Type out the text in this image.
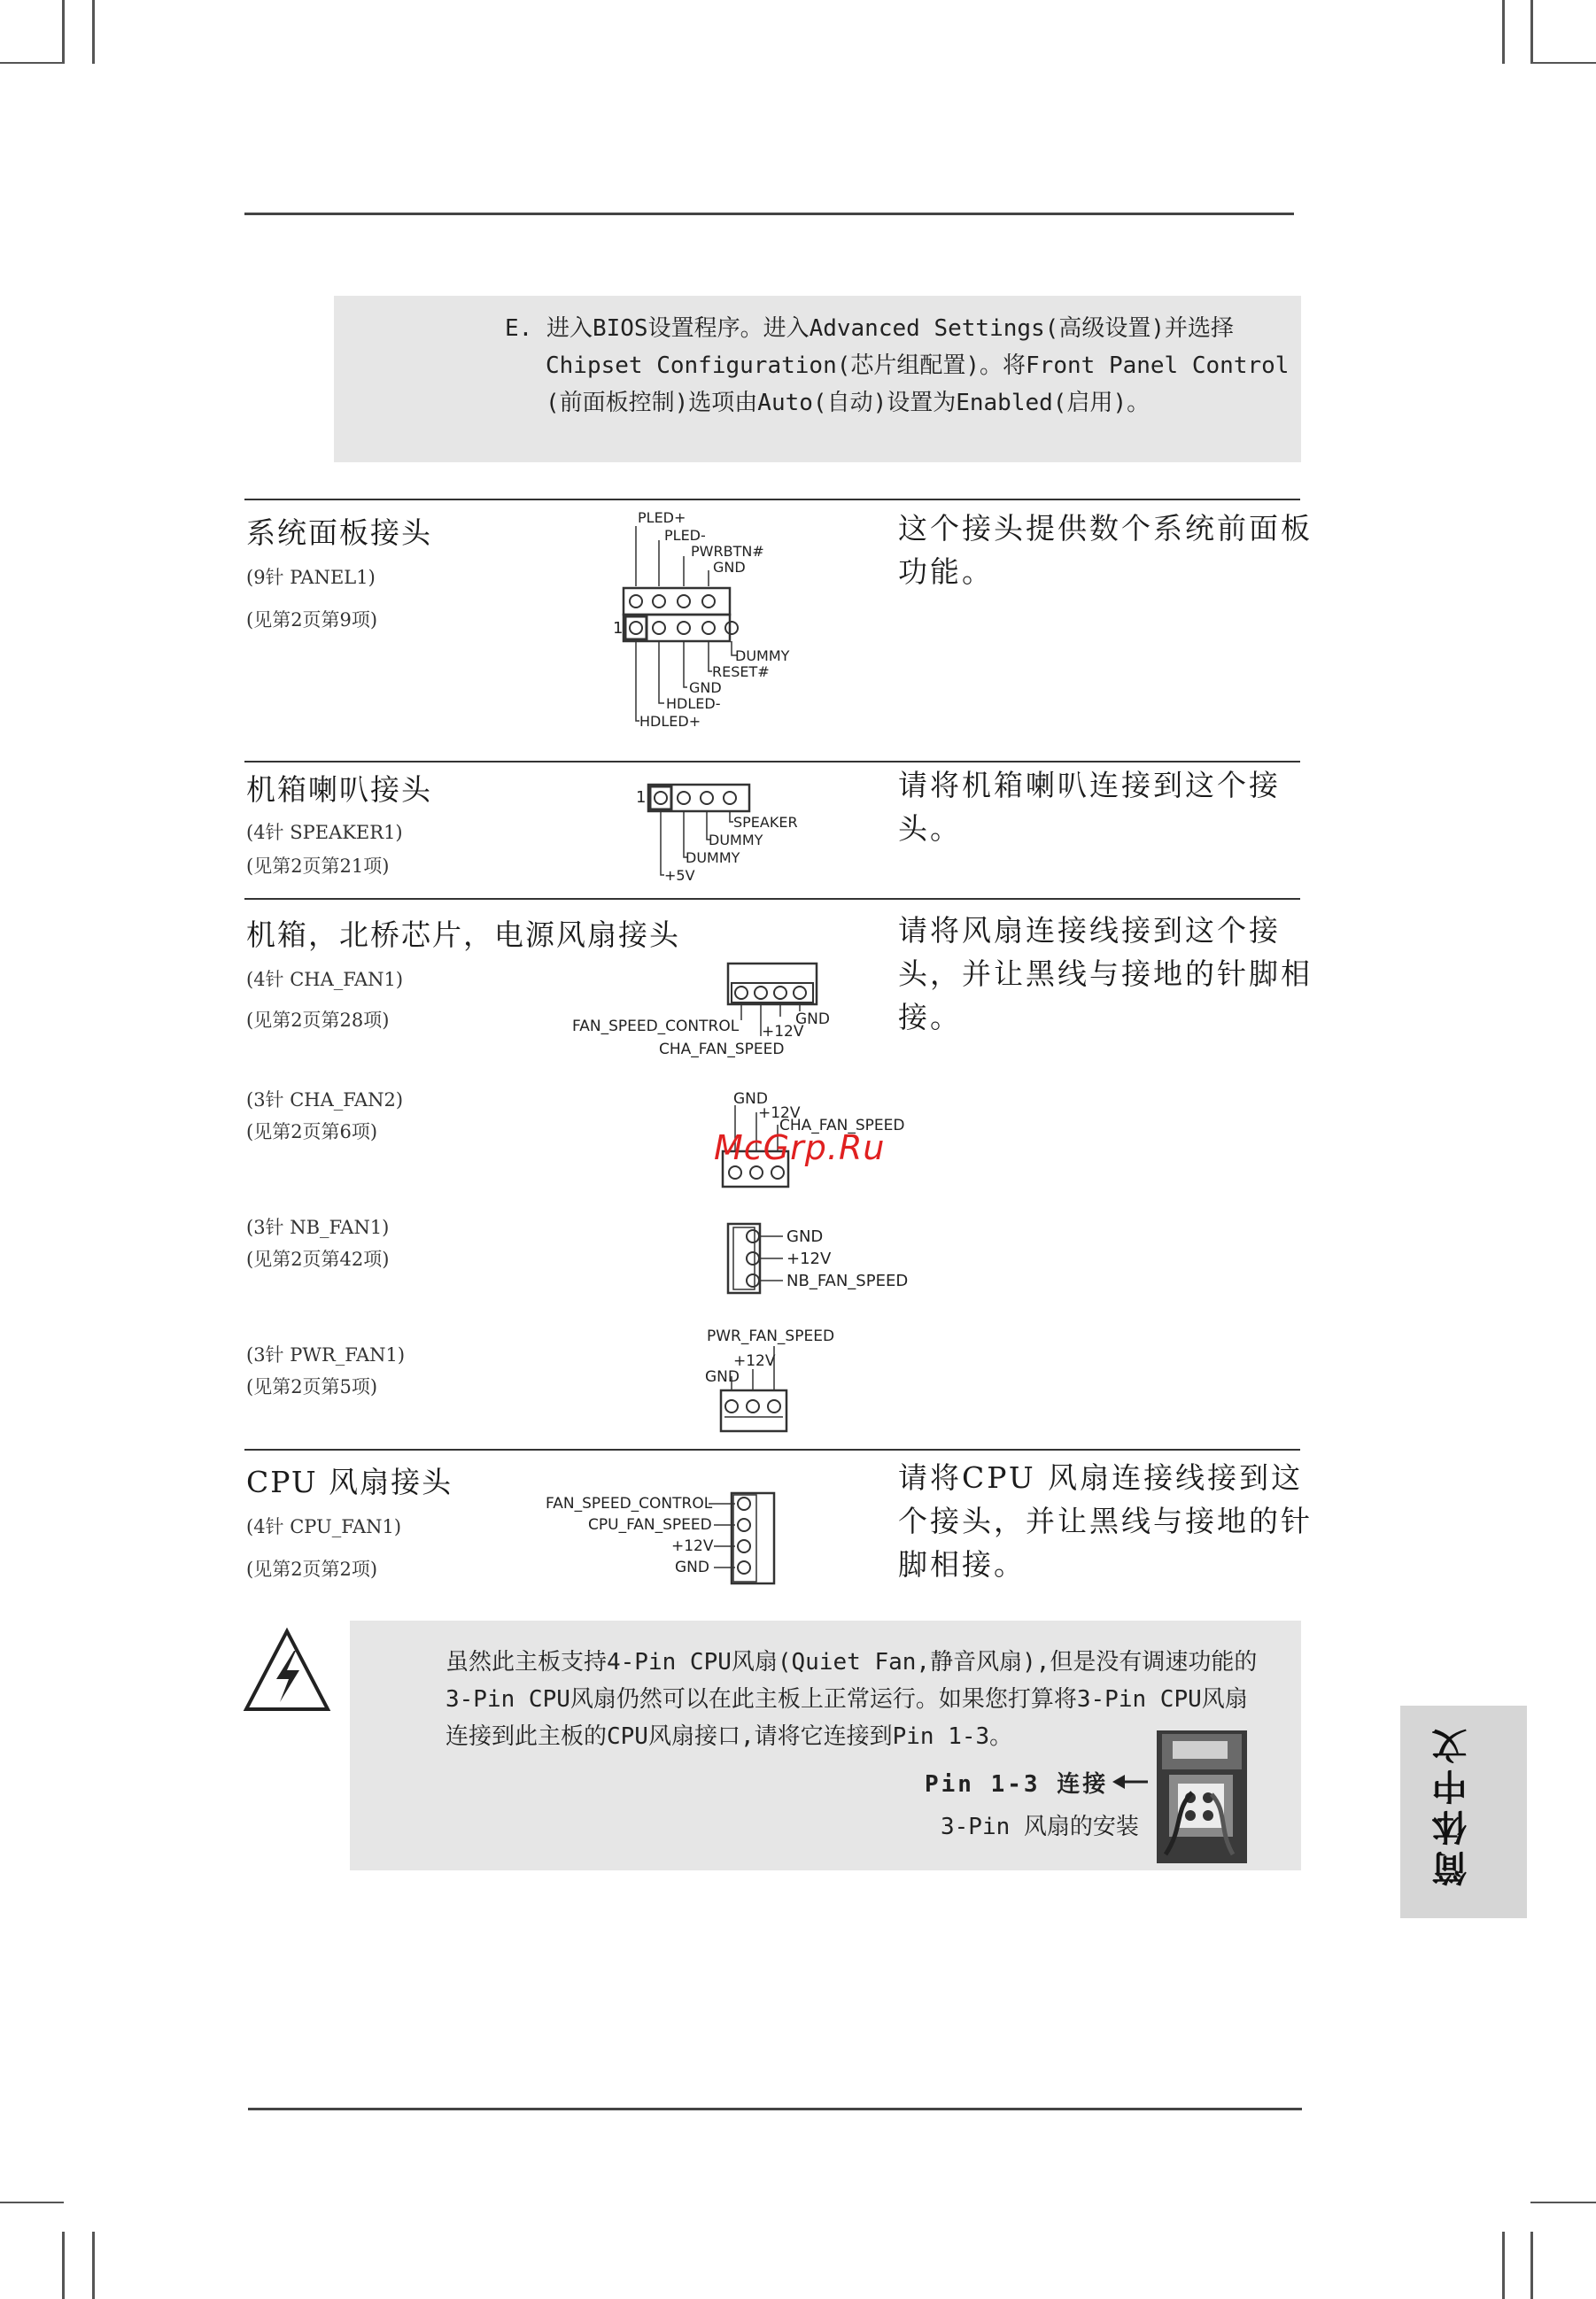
E. 进入BIOS设置程序。进入Advanced Settings(高级设置)并选择
Chipset Configuration(芯片组配置)。将Front Panel Control
(前面板控制)选项由Auto(自动)设置为Enabled(启用)。
系统面板接头
(9针 PANEL1)
(见第2页第9项)
这个接头提供数个系统前面板功能。
PLED+
PLED-
PWRBTN#
GND
1
DUMMY
RESET#
GND
HDLED-
HDLED+
机箱喇叭接头
(4针 SPEAKER1)
(见第2页第21项)
请将机箱喇叭连接到这个接头。
1
SPEAKER
DUMMY
DUMMY
+5V
机箱，北桥芯片，电源风扇接头	请将风扇连接线接到这个接头，并让黑线与接地的针脚相接。
(4针 CHA_FAN1)
(见第2页第28项)	FAN_SPEED_CONTROL +12V
GND
CHA_FAN_SPEED
(3针 CHA_FAN2)
(见第2页第6项)
GND
+12V
CHA_FAN_SPEED
(3针 NB_FAN1)
(见第2页第42项)
GND
+12V
NB_FAN_SPEED
(3针 PWR_FAN1)
(见第2页第5项)
PWR_FAN_SPEED
+12V
GND
CPU 风扇接头
(4针 CPU_FAN1)
(见第2页第2项)
请将CPU 风扇连接线接到这个接头，并让黑线与接地的针脚相接。
FAN_SPEED_CONTROL
CPU_FAN_SPEED
+12V
GND
McGrp.Ru
虽然此主板支持4-Pin CPU风扇(Quiet Fan,静音风扇),但是没有调速功能的
3-Pin CPU风扇仍然可以在此主板上正常运行。如果您打算将3-Pin CPU风扇
连接到此主板的CPU风扇接口,请将它连接到Pin 1-3。
Pin 1-3 连接
3-Pin 风扇的安装	简体中文
